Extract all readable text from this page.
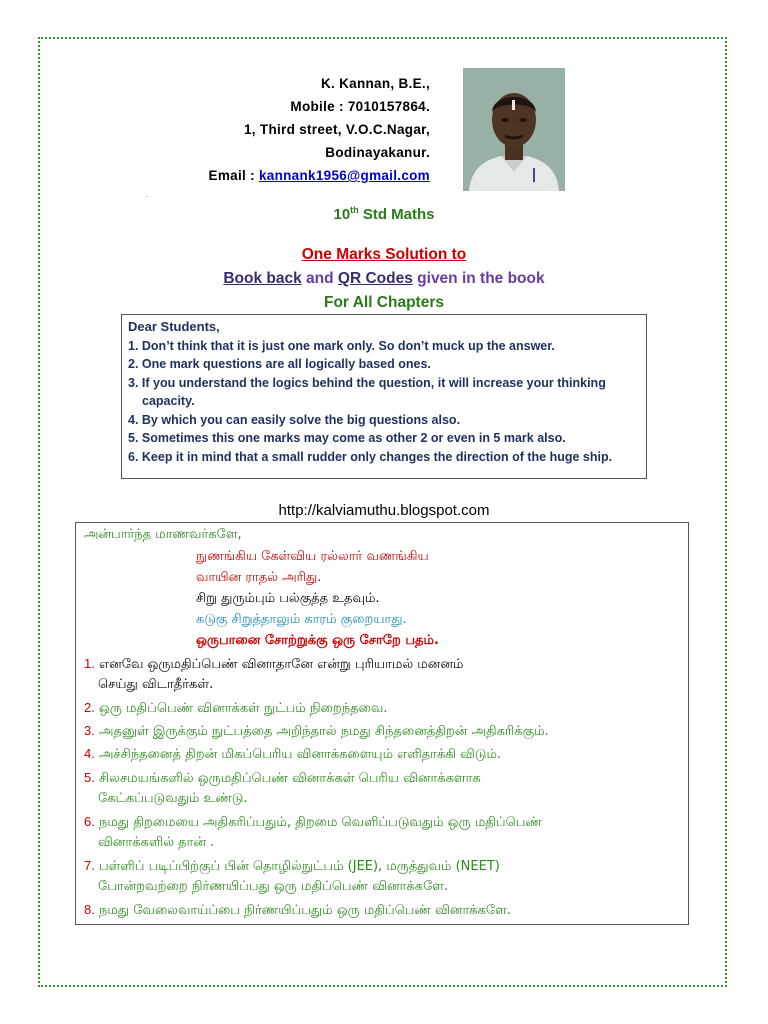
K. Kannan, B.E.,
Mobile : 7010157864.
1, Third street, V.O.C.Nagar,
Bodinayakanur.
Email : kannank1956@gmail.com
.
10th Std Maths
One Marks Solution to
Book back and QR Codes given in the book
For All Chapters
Dear Students,
1. Don’t think that it is just one mark only. So don’t muck up the answer.
2. One mark questions are all logically based ones.
3. If you understand the logics behind the question, it will increase your thinking capacity.
4. By which you can easily solve the big questions also.
5. Sometimes this one marks may come as other 2 or even in 5 mark also.
6. Keep it in mind that a small rudder only changes the direction of the huge ship.
http://kalviamuthu.blogspot.com
அன்பார்ந்த மாணவர்களே,
நுணங்கிய கேள்விய ரல்லார் வணங்கிய
வாயின ராதல் அரிது.
சிறு துரும்பும் பல்குத்த உதவும்.
கடுகு சிறுத்தாலும் காரம் குறையாது.
ஒருபானை சோற்றுக்கு ஒரு சோறே பதம்.
1. எனவே ஒருமதிப்பெண் வினாதானே என்று புரியாமல் மனனம்
செய்து விடாதீர்கள்.
2. ஒரு மதிப்பெண் வினாக்கள் நுட்பம் நிறைந்தவை.
3. அதனுள் இருக்கும் நுட்பத்தை அறிந்தால் நமது சிந்தனைத்திறன் அதிகரிக்கும்.
4. அச்சிந்தனைத் திறன் மிகப்பெரிய வினாக்களையும் எளிதாக்கி விடும்.
5. சிலசமயங்களில் ஒருமதிப்பெண் வினாக்கள் பெரிய வினாக்களாக
கேட்கப்படுவதும் உண்டு.
6. நமது திறமையை அதிகரிப்பதும், திறமை வெளிப்படுவதும் ஒரு மதிப்பெண்
வினாக்களில் தான் .
7. பள்ளிப் படிப்பிற்குப் பின் தொழில்நுட்பம் (JEE), மருத்துவம் (NEET)
போன்றவற்றை நிர்ணயிப்பது ஒரு மதிப்பெண் வினாக்களே.
8. நமது வேலைவாய்ப்பை நிர்ணயிப்பதும் ஒரு மதிப்பெண் வினாக்களே.
